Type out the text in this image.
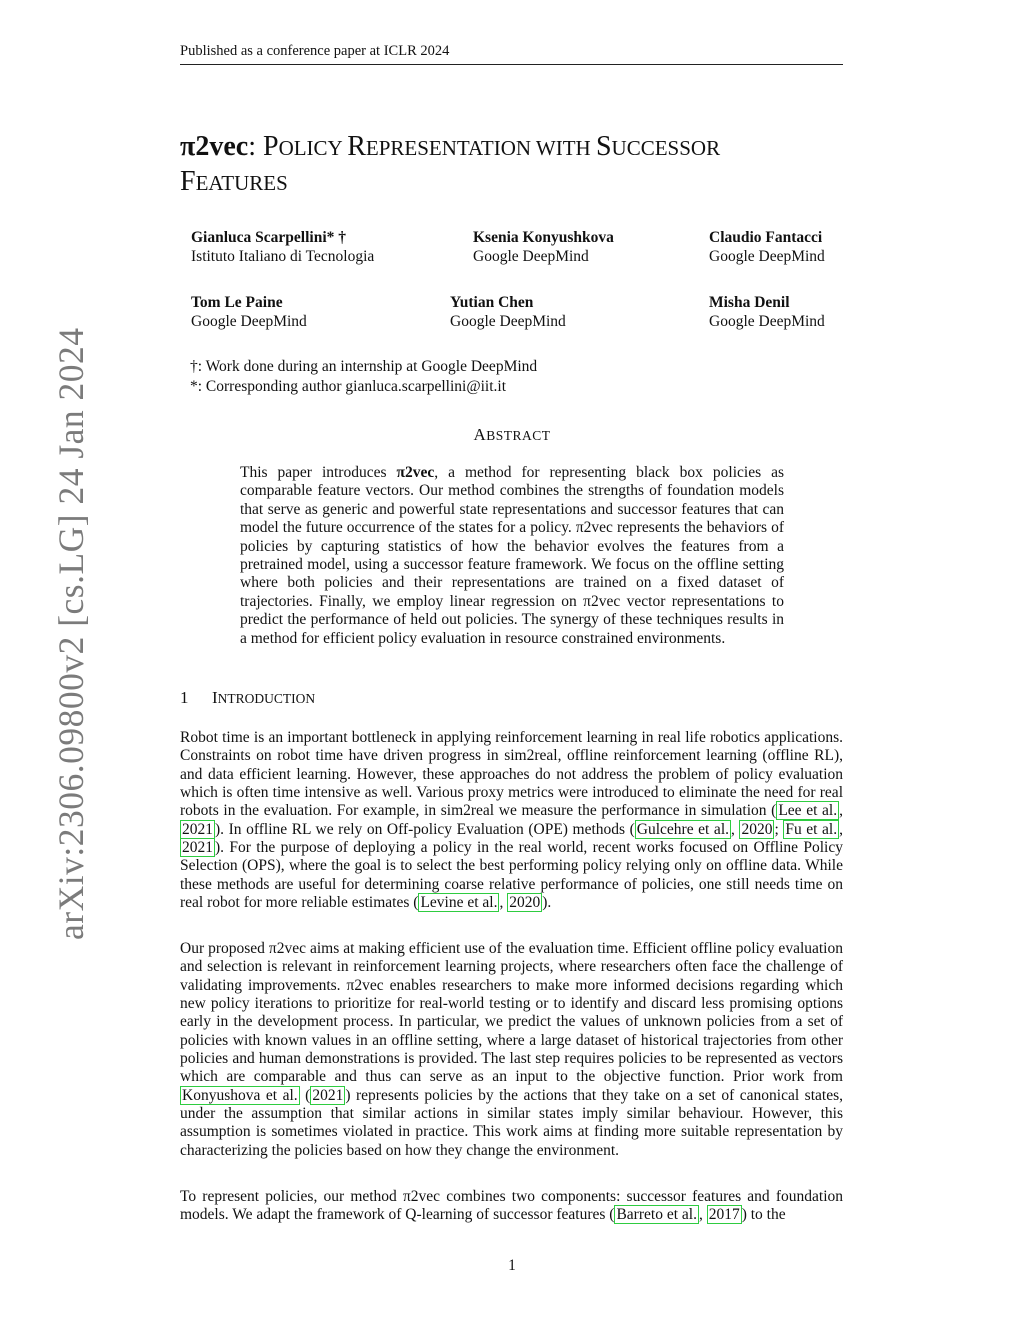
Published as a conference paper at ICLR 2024
arXiv:2306.09800v2 [cs.LG] 24 Jan 2024
π2vec: POLICY REPRESENTATION WITH SUCCESSOR
FEATURES
Gianluca Scarpellini* †
Istituto Italiano di Tecnologia
Ksenia Konyushkova
Google DeepMind
Claudio Fantacci
Google DeepMind
Tom Le Paine
Google DeepMind
Yutian Chen
Google DeepMind
Misha Denil
Google DeepMind
†: Work done during an internship at Google DeepMind
*: Corresponding author gianluca.scarpellini@iit.it
ABSTRACT
This paper introduces π2vec, a method for representing black box policies as comparable feature vectors. Our method combines the strengths of foundation models that serve as generic and powerful state representations and successor features that can model the future occurrence of the states for a policy. π2vec represents the behaviors of policies by capturing statistics of how the behavior evolves the features from a pretrained model, using a successor feature framework. We focus on the offline setting where both policies and their representations are trained on a fixed dataset of trajectories. Finally, we employ linear regression on π2vec vector representations to predict the performance of held out policies. The synergy of these techniques results in a method for efficient policy evaluation in resource constrained environments.
1 INTRODUCTION
Robot time is an important bottleneck in applying reinforcement learning in real life robotics applications. Constraints on robot time have driven progress in sim2real, offline reinforcement learning (offline RL), and data efficient learning. However, these approaches do not address the problem of policy evaluation which is often time intensive as well. Various proxy metrics were introduced to eliminate the need for real robots in the evaluation. For example, in sim2real we measure the performance in simulation ( Lee et al. , 2021 ). In offline RL we rely on Off-policy Evaluation (OPE) methods ( Gulcehre et al. , 2020 ; Fu et al. , 2021 ). For the purpose of deploying a policy in the real world, recent works focused on Offline Policy Selection (OPS), where the goal is to select the best performing policy relying only on offline data. While these methods are useful for determining coarse relative performance of policies, one still needs time on real robot for more reliable estimates ( Levine et al. , 2020 ).
Our proposed π2vec aims at making efficient use of the evaluation time. Efficient offline policy evaluation and selection is relevant in reinforcement learning projects, where researchers often face the challenge of validating improvements. π2vec enables researchers to make more informed decisions regarding which new policy iterations to prioritize for real-world testing or to identify and discard less promising options early in the development process. In particular, we predict the values of unknown policies from a set of policies with known values in an offline setting, where a large dataset of historical trajectories from other policies and human demonstrations is provided. The last step requires policies to be represented as vectors which are comparable and thus can serve as an input to the objective function. Prior work from Konyushova et al. ( 2021 ) represents policies by the actions that they take on a set of canonical states, under the assumption that similar actions in similar states imply similar behaviour. However, this assumption is sometimes violated in practice. This work aims at finding more suitable representation by characterizing the policies based on how they change the environment.
To represent policies, our method π2vec combines two components: successor features and foundation models. We adapt the framework of Q-learning of successor features ( Barreto et al. , 2017 ) to the
1
